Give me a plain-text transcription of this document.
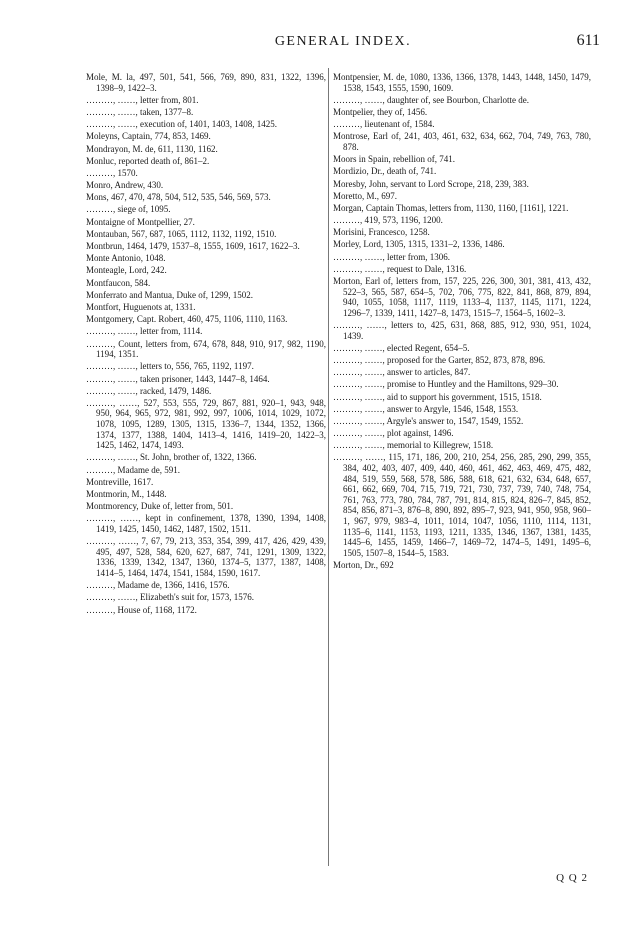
GENERAL INDEX.	611

Mole, M. la, 497, 501, 541, 566, 769, 890, 831, 1322, 1396, 1398–9, 1422–3.

………, ……, letter from, 801.

………, ……, taken, 1377–8.

………, ……, execution of, 1401, 1403, 1408, 1425.

Moleyns, Captain, 774, 853, 1469.

Mondrayon, M. de, 611, 1130, 1162.

Monluc, reported death of, 861–2.

………, 1570.

Monro, Andrew, 430.

Mons, 467, 470, 478, 504, 512, 535, 546, 569, 573.

………, siege of, 1095.

Montaigne of Montpellier, 27.

Montauban, 567, 687, 1065, 1112, 1132, 1192, 1510.

Montbrun, 1464, 1479, 1537–8, 1555, 1609, 1617, 1622–3.

Monte Antonio, 1048.

Monteagle, Lord, 242.

Montfaucon, 584.

Monferrato and Mantua, Duke of, 1299, 1502.

Montfort, Huguenots at, 1331.

Montgomery, Capt. Robert, 460, 475, 1106, 1110, 1163.

………, ……, letter from, 1114.

………, Count, letters from, 674, 678, 848, 910, 917, 982, 1190, 1194, 1351.

………, ……, letters to, 556, 765, 1192, 1197.

………, ……, taken prisoner, 1443, 1447–8, 1464.

………, ……, racked, 1479, 1486.

………, ……, 527, 553, 555, 729, 867, 881, 920–1, 943, 948, 950, 964, 965, 972, 981, 992, 997, 1006, 1014, 1029, 1072, 1078, 1095, 1289, 1305, 1315, 1336–7, 1344, 1352, 1366, 1374, 1377, 1388, 1404, 1413–4, 1416, 1419–20, 1422–3, 1425, 1462, 1474, 1493.

………, ……, St. John, brother of, 1322, 1366.

………, Madame de, 591.

Montreville, 1617.

Montmorin, M., 1448.

Montmorency, Duke of, letter from, 501.

………, ……, kept in confinement, 1378, 1390, 1394, 1408, 1419, 1425, 1450, 1462, 1487, 1502, 1511.

………, ……, 7, 67, 79, 213, 353, 354, 399, 417, 426, 429, 439, 495, 497, 528, 584, 620, 627, 687, 741, 1291, 1309, 1322, 1336, 1339, 1342, 1347, 1360, 1374–5, 1377, 1387, 1408, 1414–5, 1464, 1474, 1541, 1584, 1590, 1617.

………, Madame de, 1366, 1416, 1576.

………, ……, Elizabeth's suit for, 1573, 1576.

………, House of, 1168, 1172.

Montpensier, M. de, 1080, 1336, 1366, 1378, 1443, 1448, 1450, 1479, 1538, 1543, 1555, 1590, 1609.

………, ……, daughter of, see Bourbon, Charlotte de.

Montpelier, they of, 1456.

………, lieutenant of, 1584.

Montrose, Earl of, 241, 403, 461, 632, 634, 662, 704, 749, 763, 780, 878.

Moors in Spain, rebellion of, 741.

Mordizio, Dr., death of, 741.

Moresby, John, servant to Lord Scrope, 218, 239, 383.

Moretto, M., 697.

Morgan, Captain Thomas, letters from, 1130, 1160, [1161], 1221.

………, 419, 573, 1196, 1200.

Morisini, Francesco, 1258.

Morley, Lord, 1305, 1315, 1331–2, 1336, 1486.

………, ……, letter from, 1306.

………, ……, request to Dale, 1316.

Morton, Earl of, letters from, 157, 225, 226, 300, 301, 381, 413, 432, 522–3, 565, 587, 654–5, 702, 706, 775, 822, 841, 868, 879, 894, 940, 1055, 1058, 1117, 1119, 1133–4, 1137, 1145, 1171, 1224, 1296–7, 1339, 1411, 1427–8, 1473, 1515–7, 1564–5, 1602–3.

………, ……, letters to, 425, 631, 868, 885, 912, 930, 951, 1024, 1439.

………, ……, elected Regent, 654–5.

………, ……, proposed for the Garter, 852, 873, 878, 896.

………, ……, answer to articles, 847.

………, ……, promise to Huntley and the Hamiltons, 929–30.

………, ……, aid to support his government, 1515, 1518.

………, ……, answer to Argyle, 1546, 1548, 1553.

………, ……, Argyle's answer to, 1547, 1549, 1552.

………, ……, plot against, 1496.

………, ……, memorial to Killegrew, 1518.

………, ……, 115, 171, 186, 200, 210, 254, 256, 285, 290, 299, 355, 384, 402, 403, 407, 409, 440, 460, 461, 462, 463, 469, 475, 482, 484, 519, 559, 568, 578, 586, 588, 618, 621, 632, 634, 648, 657, 661, 662, 669, 704, 715, 719, 721, 730, 737, 739, 740, 748, 754, 761, 763, 773, 780, 784, 787, 791, 814, 815, 824, 826–7, 845, 852, 854, 856, 871–3, 876–8, 890, 892, 895–7, 923, 941, 950, 958, 960–1, 967, 979, 983–4, 1011, 1014, 1047, 1056, 1110, 1114, 1131, 1135–6, 1141, 1153, 1193, 1211, 1335, 1346, 1367, 1381, 1435, 1445–6, 1455, 1459, 1466–7, 1469–72, 1474–5, 1491, 1495–6, 1505, 1507–8, 1544–5, 1583.

Morton, Dr., 692

Q Q 2
